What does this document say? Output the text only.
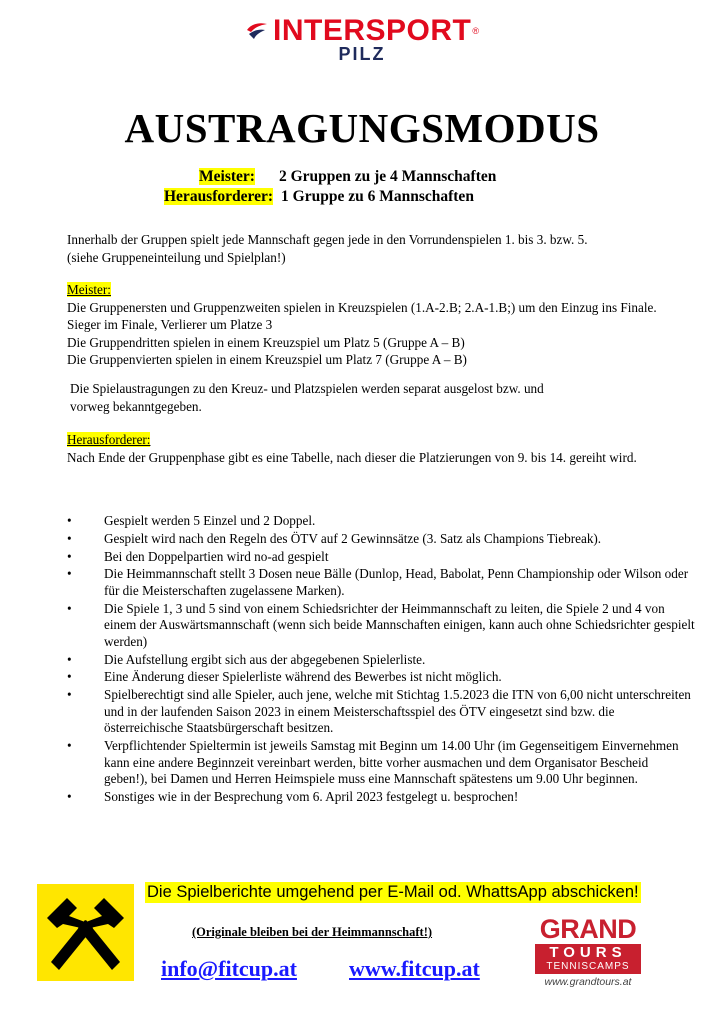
INTERSPORT ®
PILZ
AUSTRAGUNGSMODUS
Meister: 2 Gruppen zu je 4 Mannschaften
Herausforderer: 1 Gruppe zu 6 Mannschaften
Innerhalb der Gruppen spielt jede Mannschaft gegen jede in den Vorrundenspielen 1. bis 3. bzw. 5.
(siehe Gruppeneinteilung und Spielplan!)
Meister:
Die Gruppenersten und Gruppenzweiten spielen in Kreuzspielen (1.A-2.B; 2.A-1.B;) um den Einzug ins Finale. Sieger im Finale, Verlierer um Platze 3
Die Gruppendritten spielen in einem Kreuzspiel um Platz 5 (Gruppe A – B)
Die Gruppenvierten spielen in einem Kreuzspiel um Platz 7 (Gruppe A – B)
Die Spielaustragungen zu den Kreuz- und Platzspielen werden separat ausgelost bzw. und
vorweg bekanntgegeben.
Herausforderer:
Nach Ende der Gruppenphase gibt es eine Tabelle, nach dieser die Platzierungen von 9. bis 14. gereiht wird.
• Gespielt werden 5 Einzel und 2 Doppel.
• Gespielt wird nach den Regeln des ÖTV auf 2 Gewinnsätze (3. Satz als Champions Tiebreak).
• Bei den Doppelpartien wird no-ad gespielt
• Die Heimmannschaft stellt 3 Dosen neue Bälle (Dunlop, Head, Babolat, Penn Championship oder Wilson oder für die Meisterschaften zugelassene Marken).
• Die Spiele 1, 3 und 5 sind von einem Schiedsrichter der Heimmannschaft zu leiten, die Spiele 2 und 4 von einem der Auswärtsmannschaft (wenn sich beide Mannschaften einigen, kann auch ohne Schiedsrichter gespielt werden)
• Die Aufstellung ergibt sich aus der abgegebenen Spielerliste.
• Eine Änderung dieser Spielerliste während des Bewerbes ist nicht möglich.
• Spielberechtigt sind alle Spieler, auch jene, welche mit Stichtag 1.5.2023 die ITN von 6,00 nicht unterschreiten und in der laufenden Saison 2023 in einem Meisterschaftsspiel des ÖTV eingesetzt sind bzw. die österreichische Staatsbürgerschaft besitzen.
• Verpflichtender Spieltermin ist jeweils Samstag mit Beginn um 14.00 Uhr (im Gegenseitigem Einvernehmen kann eine andere Beginnzeit vereinbart werden, bitte vorher ausmachen und dem Organisator Bescheid geben!), bei Damen und Herren Heimspiele muss eine Mannschaft spätestens um 9.00 Uhr beginnen.
• Sonstiges wie in der Besprechung vom 6. April 2023 festgelegt u. besprochen!
Die Spielberichte umgehend per E-Mail od. WhattsApp abschicken!
(Originale bleiben bei der Heimmannschaft!)
info@fitcup.at www.fitcup.at
GRAND
TOURS
TENNISCAMPS
www.grandtours.at
